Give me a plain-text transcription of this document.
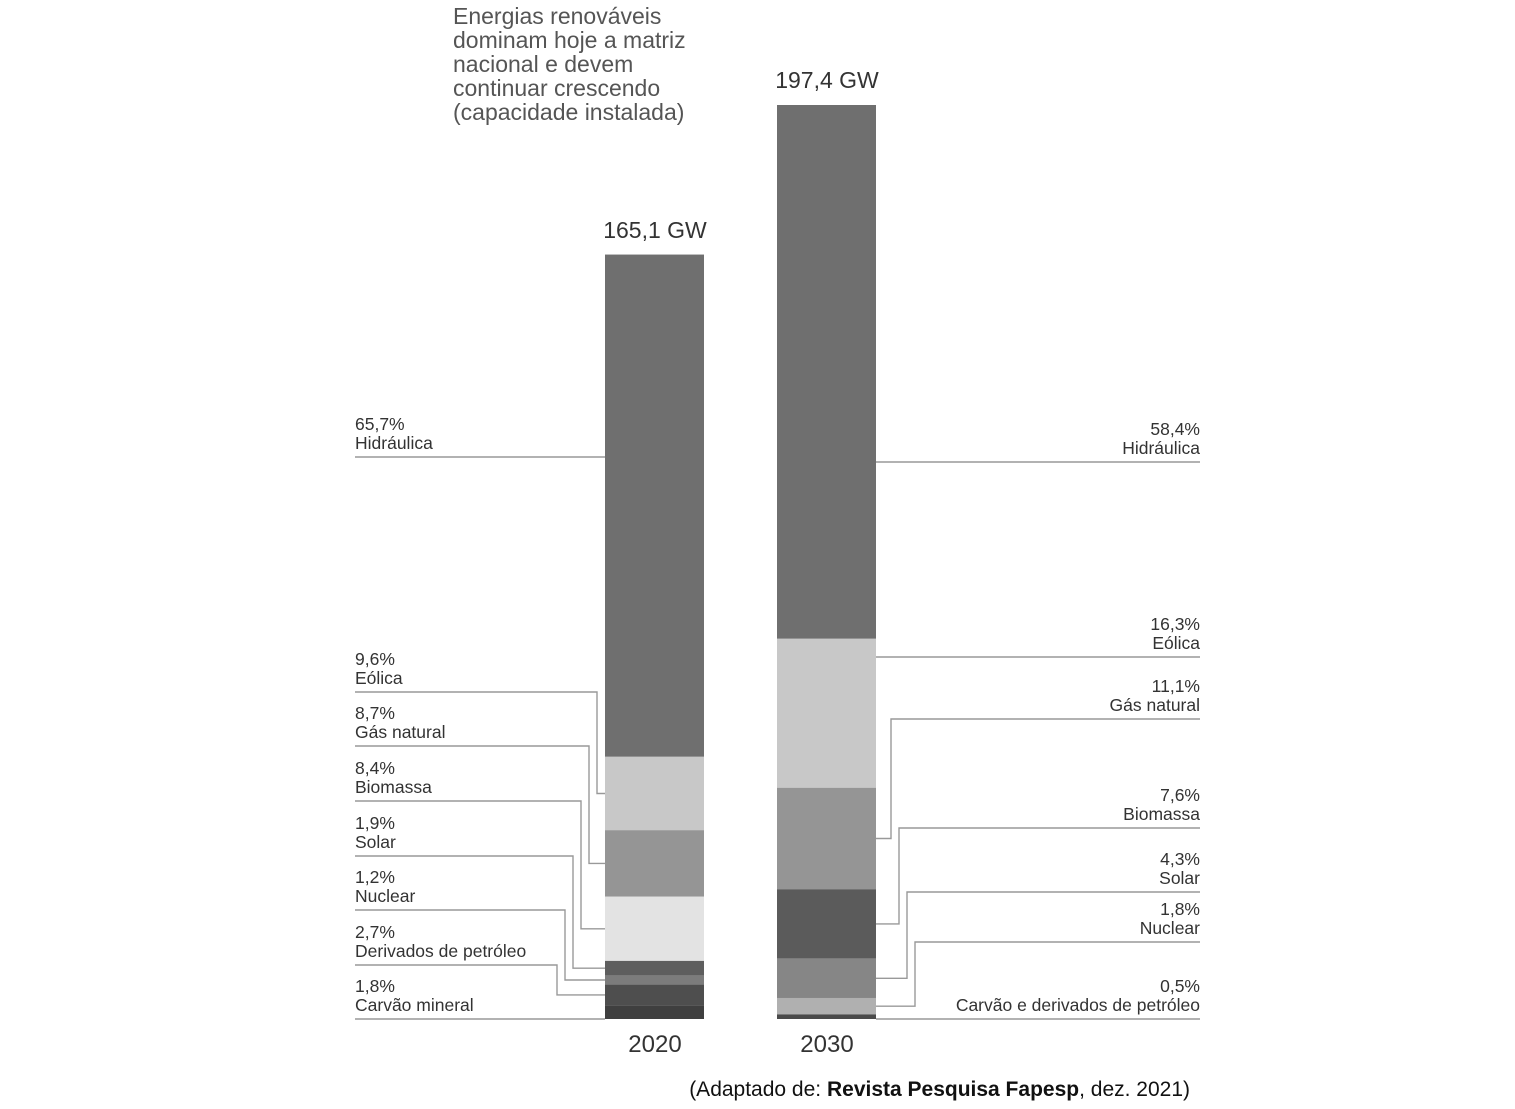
Energias renováveis
dominam hoje a matriz
nacional e devem
continuar crescendo
(capacidade instalada)
65,7%
Hidráulica
9,6%
Eólica
8,7%
Gás natural
8,4%
Biomassa
1,9%
Solar
1,2%
Nuclear
2,7%
Derivados de petróleo
1,8%
Carvão mineral
58,4%
Hidráulica
16,3%
Eólica
11,1%
Gás natural
7,6%
Biomassa
4,3%
Solar
1,8%
Nuclear
0,5%
Carvão e derivados de petróleo
165,1 GW
197,4 GW
2020	2030
(Adaptado de: Revista Pesquisa Fapesp, dez. 2021)
